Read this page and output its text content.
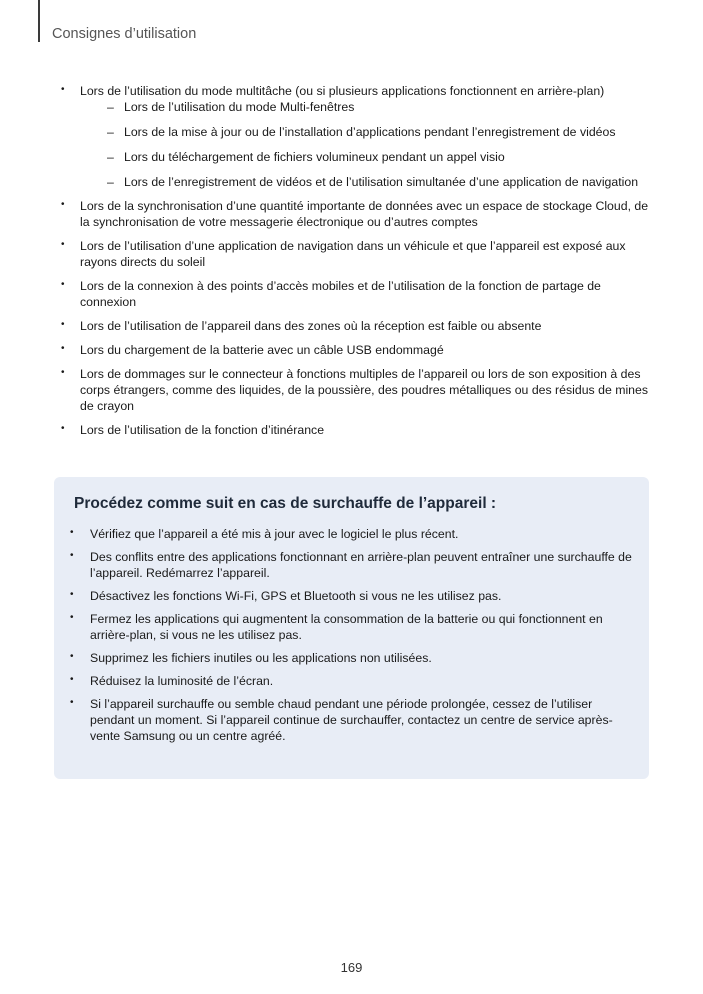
Consignes d’utilisation
• Lors de l’utilisation du mode multitâche (ou si plusieurs applications fonctionnent en arrière-plan)
– Lors de l’utilisation du mode Multi-fenêtres
– Lors de la mise à jour ou de l’installation d’applications pendant l’enregistrement de vidéos
– Lors du téléchargement de fichiers volumineux pendant un appel visio
– Lors de l’enregistrement de vidéos et de l’utilisation simultanée d’une application de navigation
• Lors de la synchronisation d’une quantité importante de données avec un espace de stockage Cloud, de la synchronisation de votre messagerie électronique ou d’autres comptes
• Lors de l’utilisation d’une application de navigation dans un véhicule et que l’appareil est exposé aux rayons directs du soleil
• Lors de la connexion à des points d’accès mobiles et de l’utilisation de la fonction de partage de connexion
• Lors de l’utilisation de l’appareil dans des zones où la réception est faible ou absente
• Lors du chargement de la batterie avec un câble USB endommagé
• Lors de dommages sur le connecteur à fonctions multiples de l’appareil ou lors de son exposition à des corps étrangers, comme des liquides, de la poussière, des poudres métalliques ou des résidus de mines de crayon
• Lors de l’utilisation de la fonction d’itinérance
Procédez comme suit en cas de surchauffe de l’appareil :
• Vérifiez que l’appareil a été mis à jour avec le logiciel le plus récent.
• Des conflits entre des applications fonctionnant en arrière-plan peuvent entraîner une surchauffe de l’appareil. Redémarrez l’appareil.
• Désactivez les fonctions Wi-Fi, GPS et Bluetooth si vous ne les utilisez pas.
• Fermez les applications qui augmentent la consommation de la batterie ou qui fonctionnent en arrière-plan, si vous ne les utilisez pas.
• Supprimez les fichiers inutiles ou les applications non utilisées.
• Réduisez la luminosité de l’écran.
• Si l’appareil surchauffe ou semble chaud pendant une période prolongée, cessez de l’utiliser pendant un moment. Si l’appareil continue de surchauffer, contactez un centre de service après-vente Samsung ou un centre agréé.
169
